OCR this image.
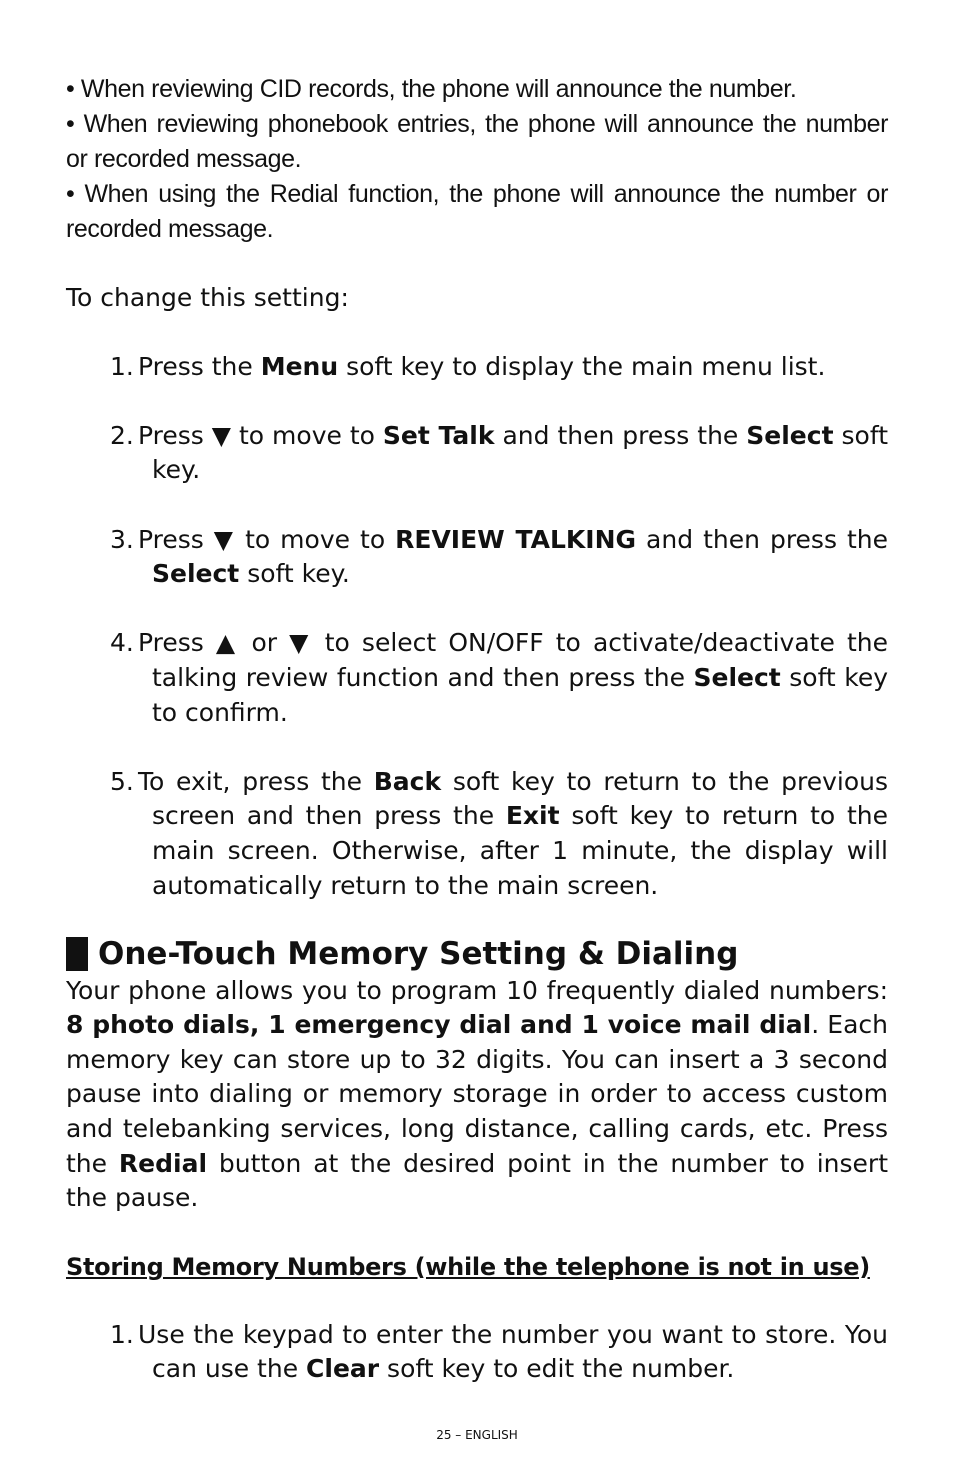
• When reviewing CID records, the phone will announce the number.

• When reviewing phonebook entries, the phone will announce the number or recorded message.

• When using the Redial function, the phone will announce the number or recorded message.

To change this setting:

1. Press the Menu soft key to display the main menu list.
2. Press ▼ to move to Set Talk and then press the Select soft key.
3. Press ▼ to move to REVIEW TALKING and then press the Select soft key.
4. Press ▲ or ▼ to select ON/OFF to activate/deactivate the talking review function and then press the Select soft key to confirm.
5. To exit, press the Back soft key to return to the previous screen and then press the Exit soft key to return to the main screen. Otherwise, after 1 minute, the display will automatically return to the main screen.
One-Touch Memory Setting & Dialing

Your phone allows you to program 10 frequently dialed numbers: 8 photo dials, 1 emergency dial and 1 voice mail dial. Each memory key can store up to 32 digits. You can insert a 3 second pause into dialing or memory storage in order to access custom and telebanking services, long distance, calling cards, etc. Press the Redial button at the desired point in the number to insert the pause.

Storing Memory Numbers (while the telephone is not in use)

1. Use the keypad to enter the number you want to store. You can use the Clear soft key to edit the number.
25 – ENGLISH
